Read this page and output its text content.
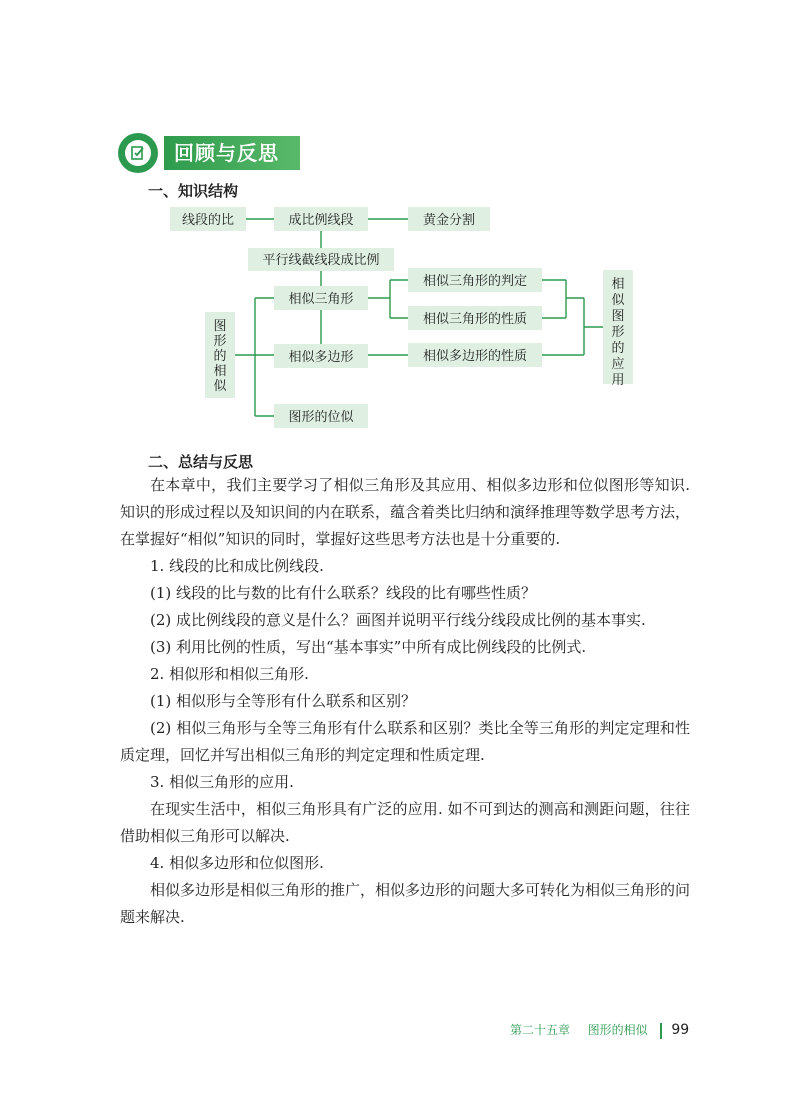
回顾与反思
一、知识结构
线段的比	成比例线段	黄金分割
平行线截线段成比例
相似三角形
相似三角形的判定
相似三角形的性质
相似多边形	相似多边形的性质
图形的位似
图形的相似
相似图形的应用
二、总结与反思

在本章中，我们主要学习了相似三角形及其应用、相似多边形和位似图形等知识. 知识的形成过程以及知识间的内在联系，蕴含着类比归纳和演绎推理等数学思考方法，在掌握好“相似”知识的同时，掌握好这些思考方法也是十分重要的.

1. 线段的比和成比例线段.

(1) 线段的比与数的比有什么联系？线段的比有哪些性质？

(2) 成比例线段的意义是什么？画图并说明平行线分线段成比例的基本事实.

(3) 利用比例的性质，写出“基本事实”中所有成比例线段的比例式.

2. 相似形和相似三角形.

(1) 相似形与全等形有什么联系和区别？

(2) 相似三角形与全等三角形有什么联系和区别？类比全等三角形的判定定理和性质定理，回忆并写出相似三角形的判定定理和性质定理.

3. 相似三角形的应用.

在现实生活中，相似三角形具有广泛的应用. 如不可到达的测高和测距问题，往往借助相似三角形可以解决.

4. 相似多边形和位似图形.

相似多边形是相似三角形的推广，相似多边形的问题大多可转化为相似三角形的问题来解决.

第二十五章 图形的相似 99
